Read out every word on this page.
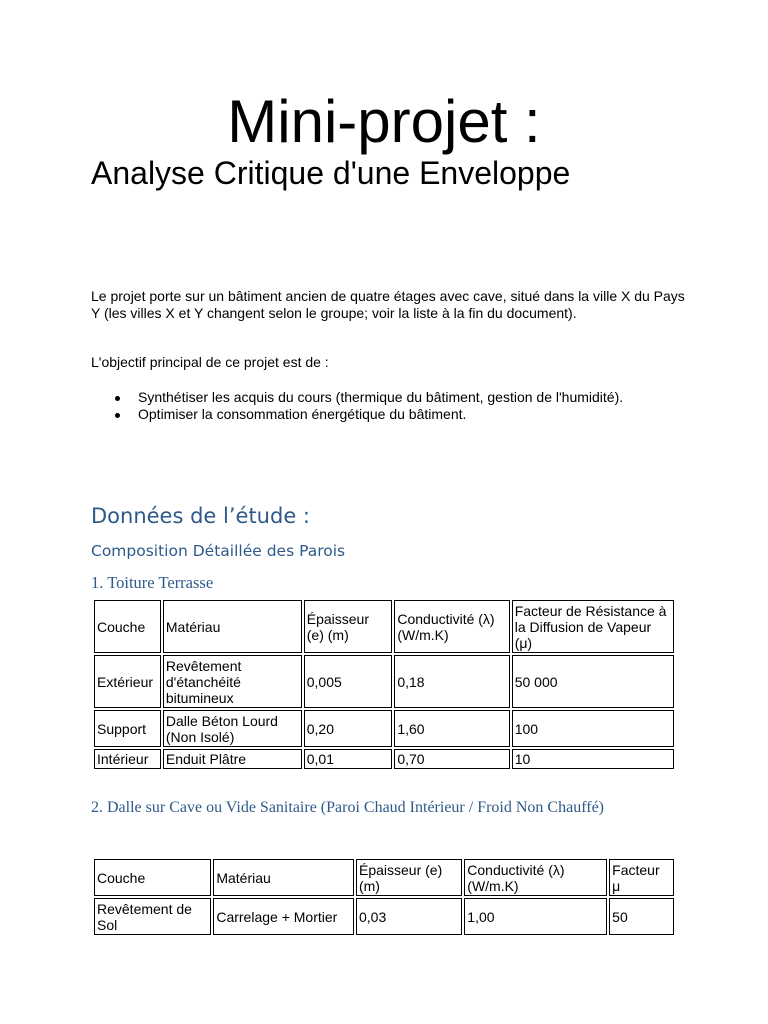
Mini-projet :
Analyse Critique d'une Enveloppe
Le projet porte sur un bâtiment ancien de quatre étages avec cave, situé dans la ville X du Pays Y (les villes X et Y changent selon le groupe; voir la liste à la fin du document).
L'objectif principal de ce projet est de :
Synthétiser les acquis du cours (thermique du bâtiment, gestion de l'humidité).
Optimiser la consommation énergétique du bâtiment.
Données de l’étude :
Composition Détaillée des Parois
1. Toiture Terrasse
Couche	Matériau	Épaisseur (e) (m)	Conductivité (λ) (W/m.K)	Facteur de Résistance à la Diffusion de Vapeur (μ)
Extérieur	Revêtement d'étanchéité bitumineux	0,005	0,18	50 000
Support	Dalle Béton Lourd (Non Isolé)	0,20	1,60	100
Intérieur	Enduit Plâtre	0,01	0,70	10
2. Dalle sur Cave ou Vide Sanitaire (Paroi Chaud Intérieur / Froid Non Chauffé)
Couche	Matériau	Épaisseur (e) (m)	Conductivité (λ) (W/m.K)	Facteur μ
Revêtement de Sol	Carrelage + Mortier	0,03	1,00	50
